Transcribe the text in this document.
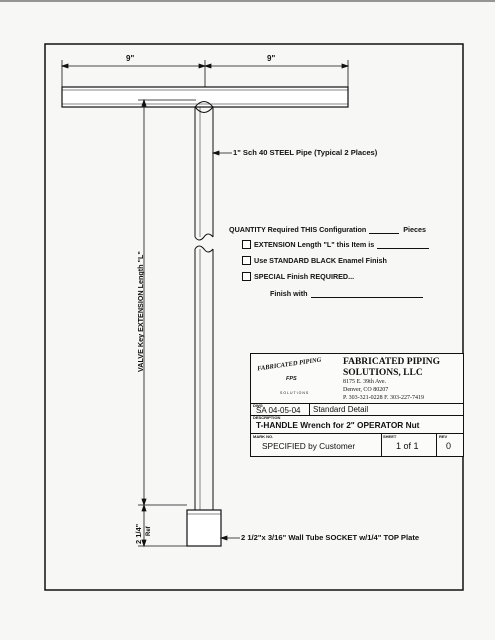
9"	9"
VALVE Key EXTENSION Length "L"
2 1/4" Ref
1" Sch 40 STEEL Pipe (Typical 2 Places)
2 1/2"x 3/16" Wall Tube SOCKET w/1/4" TOP Plate
QUANTITY Required THIS Configuration	Pieces
EXTENSION Length "L" this Item is
Use STANDARD BLACK Enamel Finish
SPECIAL Finish REQUIRED...
Finish with
FABRICATED PIPING
SOLUTIONS
FPS
FABRICATED PIPING
SOLUTIONS, LLC
8175 E. 39th Ave.
Denver, CO 80207
P. 303-321-0228 F. 303-227-7419
DWG
SA 04-05-04 Standard Detail
DESCRIPTION
T-HANDLE Wrench for 2" OPERATOR Nut
MARK NO.
SPECIFIED by Customer
SHEET
1 of 1
REV
0
